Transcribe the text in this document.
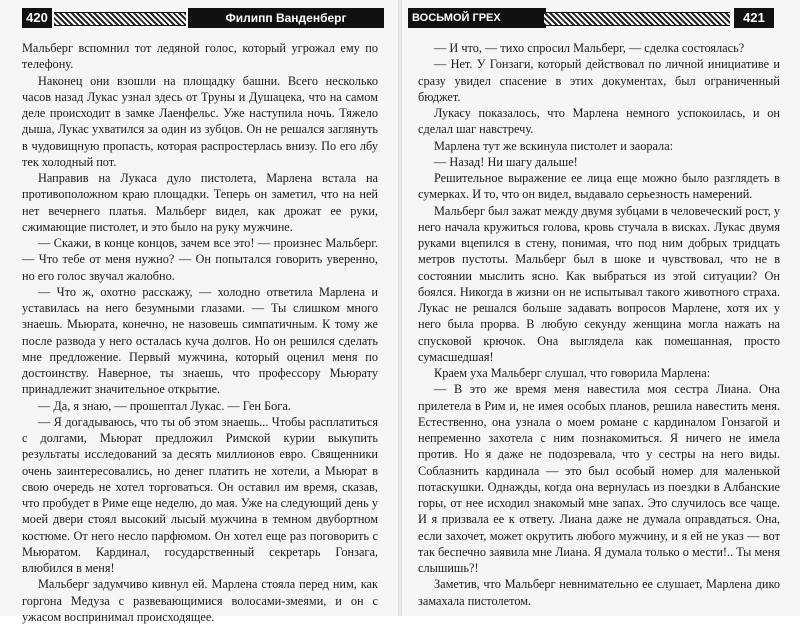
420	Филипп Ванденберг

Мальберг вспомнил тот ледяной голос, который угрожал ему по телефону.

Наконец они взошли на площадку башни. Всего несколько часов назад Лукас узнал здесь от Труны и Душацека, что на самом деле происходит в замке Лаенфельс. Уже наступила ночь. Тяжело дыша, Лукас ухватился за один из зубцов. Он не решался заглянуть в чудовищную пропасть, которая распростерлась внизу. По его лбу тек холодный пот.

Направив на Лукаса дуло пистолета, Марлена встала на противоположном краю площадки. Теперь он заметил, что на ней нет вечернего платья. Мальберг видел, как дрожат ее руки, сжимающие пистолет, и это было на руку мужчине.

— Скажи, в конце концов, зачем все это! — произнес Мальберг. — Что тебе от меня нужно? — Он попытался говорить уверенно, но его голос звучал жалобно.

— Что ж, охотно расскажу, — холодно ответила Марлена и уставилась на него безумными глазами. — Ты слишком много знаешь. Мьюрата, конечно, не назовешь симпатичным. К тому же после развода у него осталась куча долгов. Но он решился сделать мне предложение. Первый мужчина, который оценил меня по достоинству. Наверное, ты знаешь, что профессору Мьюрату принадлежит значительное открытие.

— Да, я знаю, — прошептал Лукас. — Ген Бога.

— Я догадываюсь, что ты об этом знаешь... Чтобы расплатиться с долгами, Мьюрат предложил Римской курии выкупить результаты исследований за десять миллионов евро. Священники очень заинтересовались, но денег платить не хотели, а Мьюрат в свою очередь не хотел торговаться. Он оставил им время, сказав, что пробудет в Риме еще неделю, до мая. Уже на следующий день у моей двери стоял высокий лысый мужчина в темном двубортном костюме. От него несло парфюмом. Он хотел еще раз поговорить с Мьюратом. Кардинал, государственный секретарь Гонзага, влюбился в меня!

Мальберг задумчиво кивнул ей. Марлена стояла перед ним, как горгона Медуза с развевающимися волосами-змеями, и он с ужасом воспринимал происходящее.

ВОСЬМОЙ ГРЕХ	421

— И что, — тихо спросил Мальберг, — сделка состоялась?

— Нет. У Гонзаги, который действовал по личной инициативе и сразу увидел спасение в этих документах, был ограниченный бюджет.

Лукасу показалось, что Марлена немного успокоилась, и он сделал шаг навстречу.

Марлена тут же вскинула пистолет и заорала:

— Назад! Ни шагу дальше!

Решительное выражение ее лица еще можно было разглядеть в сумерках. И то, что он видел, выдавало серьезность намерений.

Мальберг был зажат между двумя зубцами в человеческий рост, у него начала кружиться голова, кровь стучала в висках. Лукас двумя руками вцепился в стену, понимая, что под ним добрых тридцать метров пустоты. Мальберг был в шоке и чувствовал, что не в состоянии мыслить ясно. Как выбраться из этой ситуации? Он боялся. Никогда в жизни он не испытывал такого животного страха. Лукас не решался больше задавать вопросов Марлене, хотя их у него была прорва. В любую секунду женщина могла нажать на спусковой крючок. Она выглядела как помешанная, просто сумасшедшая!

Краем уха Мальберг слушал, что говорила Марлена:

— В это же время меня навестила моя сестра Лиана. Она прилетела в Рим и, не имея особых планов, решила навестить меня. Естественно, она узнала о моем романе с кардиналом Гонзагой и непременно захотела с ним познакомиться. Я ничего не имела против. Но я даже не подозревала, что у сестры на него виды. Соблазнить кардинала — это был особый номер для маленькой потаскушки. Однажды, когда она вернулась из поездки в Албанские горы, от нее исходил знакомый мне запах. Это случилось все чаще. И я призвала ее к ответу. Лиана даже не думала оправдаться. Она, если захочет, может окрутить любого мужчину, и я ей не указ — вот так беспечно заявила мне Лиана. Я думала только о мести!.. Ты меня слышишь?!

Заметив, что Мальберг невнимательно ее слушает, Марлена дико замахала пистолетом.
